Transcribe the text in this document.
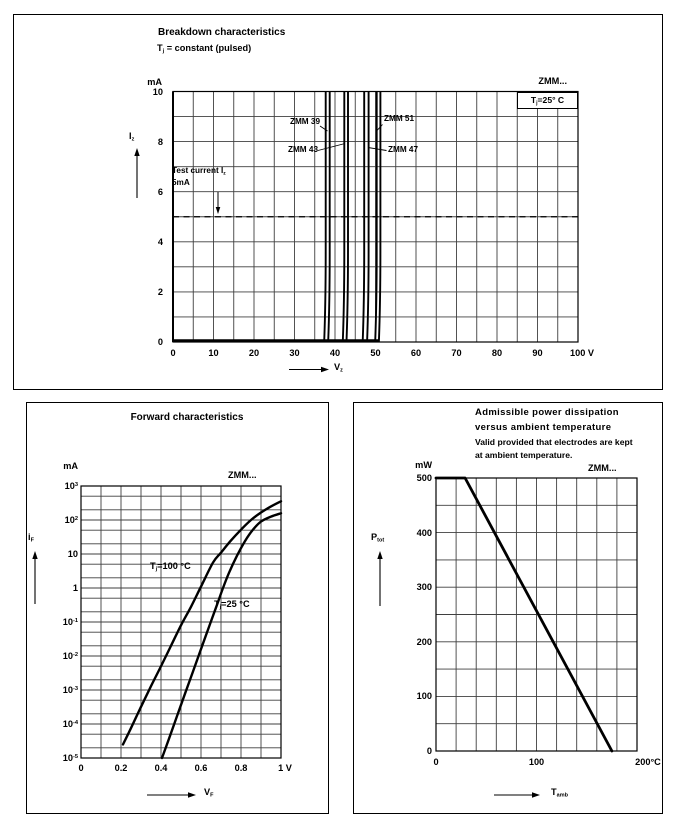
Breakdown characteristics
$T_j$ = constant (pulsed)
mA
$I_z$
Test current $I_z$
5mA
ZMM 39
ZMM 43
ZMM 51
ZMM 47
ZMM...
$T_j=25^\circ$ C
$V_z$
Forward characteristics
mA
ZMM...
$i_F$
$T_j=100$ °C
$T_j=25$ °C
$V_F$
Admissible power dissipation
versus ambient temperature
Valid provided that electrodes are kept
at ambient temperature.
ZMM...
mW
$P_{tot}$
$T_{amb}$
0	10	20	30	40	50	60	70	80	90	100 V
10
8
6
4
2
0
0	0.2	0.4	0.6	0.8	1 V
$10^3$
$10^2$
10
1
$10^{-1}$
$10^{-2}$
$10^{-3}$
$10^{-4}$
$10^{-5}$
0	100	200°C
500
400
300
200
100
0
